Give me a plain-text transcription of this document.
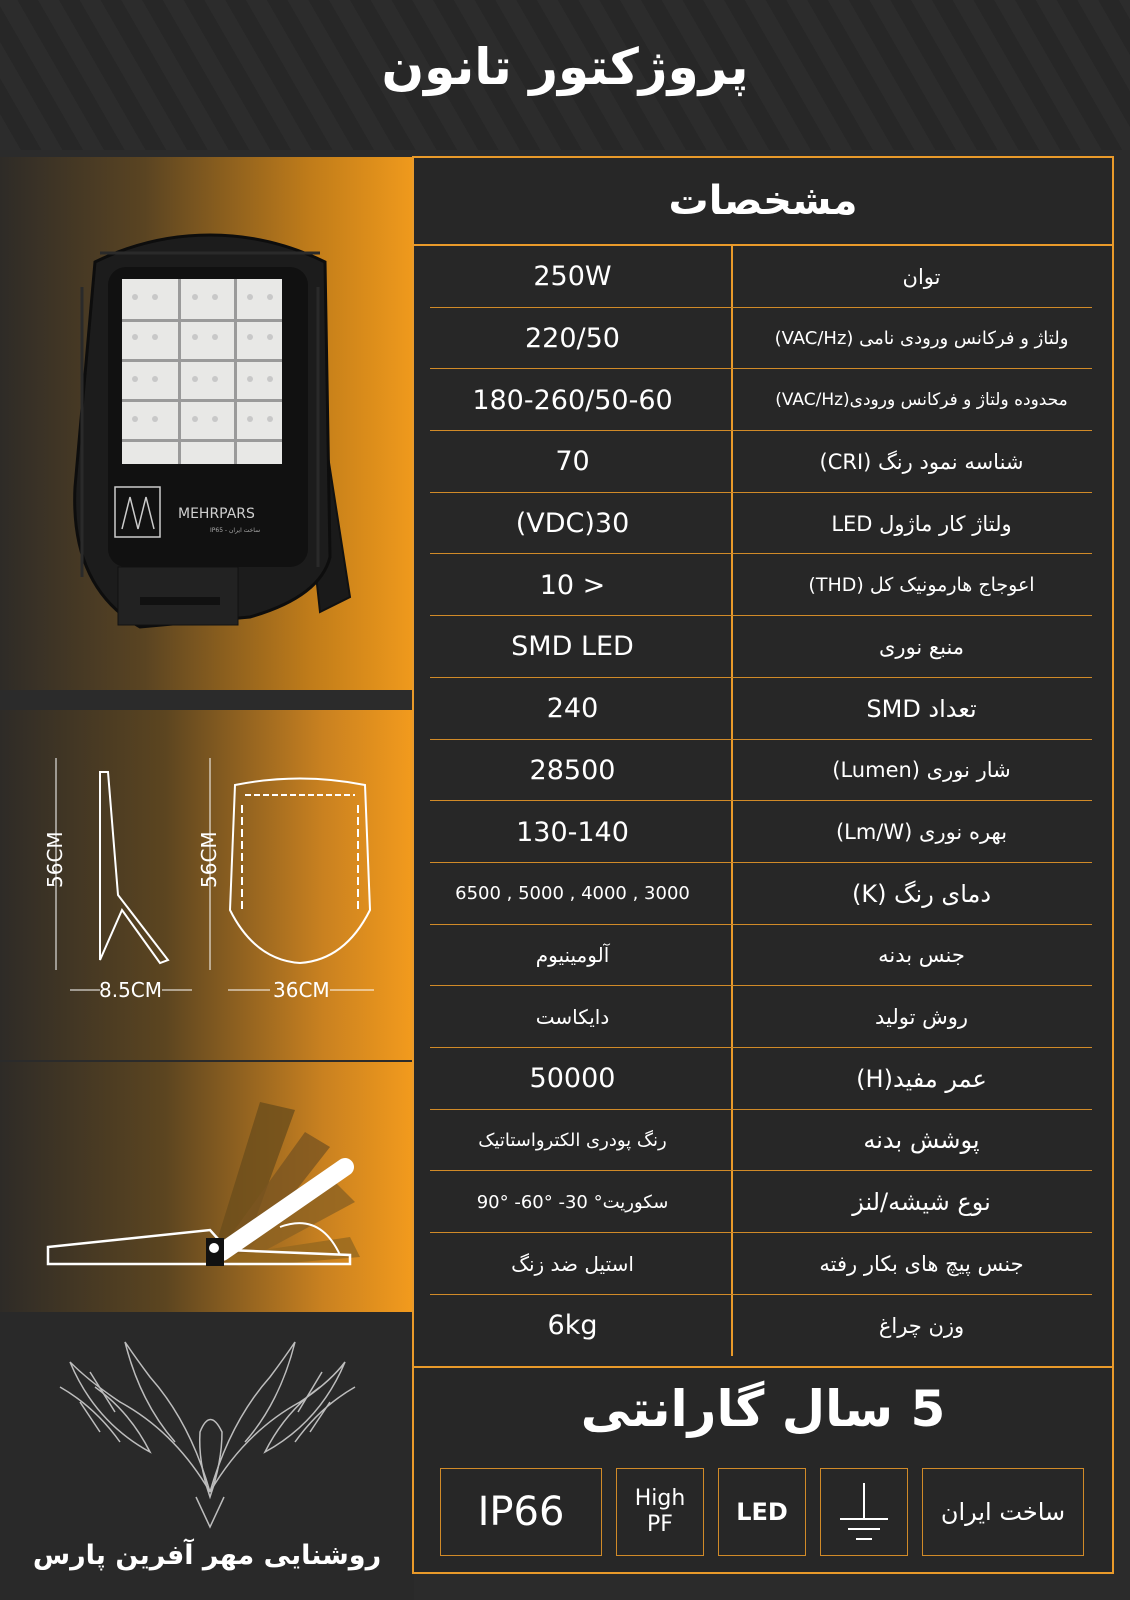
پروژکتور تانون
MEHRPARS
IP65 - ساخت ایران
56CM	56CM
8.5CM	36CM
روشنایی مهر آفرین پارس
مشخصات
250W	توان
220/50	ولتاژ و فرکانس ورودی نامی (VAC/Hz)
180-260/50-60	محدوده ولتاژ و فرکانس ورودی(VAC/Hz)
70	شناسه نمود رنگ (CRI)
(VDC)30	ولتاژ کار ماژول LED
10 >	اعوجاج هارمونیک کل (THD)
SMD LED	منبع نوری
240	تعداد SMD
28500	شار نوری (Lumen)
130-140	بهره نوری (Lm/W)
6500 , 5000 , 4000 , 3000	دمای رنگ (K)
آلومینیوم	جنس بدنه
دایکاست	روش تولید
50000	عمر مفید(H)
رنگ پودری الکترواستاتیک	پوشش بدنه
سکوریت° 30- °60- °90	نوع شیشه/لنز
استیل ضد زنگ	جنس پیچ های بکار رفته
6kg	وزن چراغ
5 سال گارانتی
IP66	High
PF	LED	ساخت ایران
